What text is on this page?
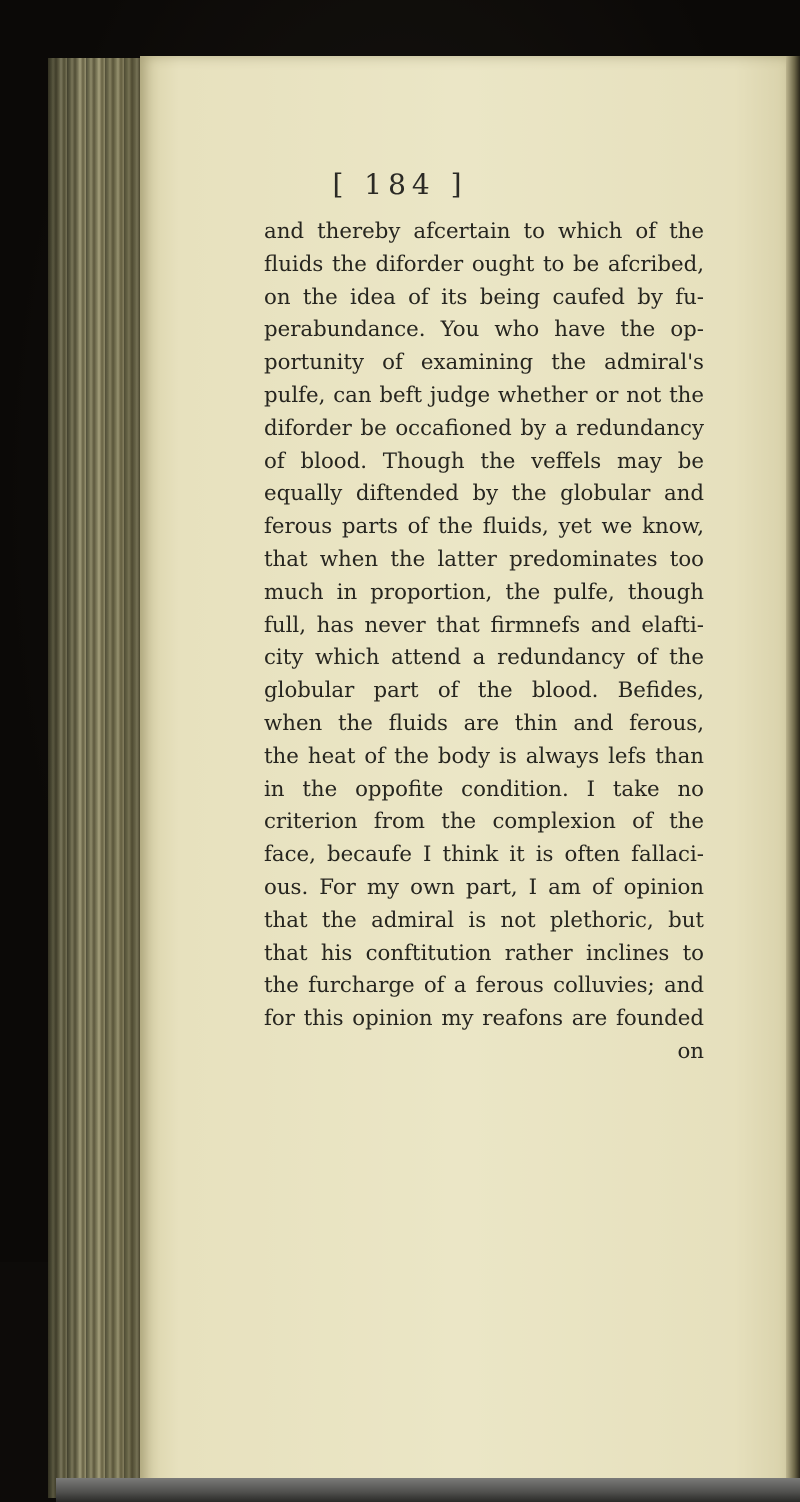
[ 184 ]
and thereby afcertain to which of the
fluids the diforder ought to be afcribed,
on the idea of its being caufed by fu-
perabundance. You who have the op-
portunity of examining the admiral's
pulfe, can beft judge whether or not the
diforder be occafioned by a redundancy
of blood. Though the veffels may be
equally diftended by the globular and
ferous parts of the fluids, yet we know,
that when the latter predominates too
much in proportion, the pulfe, though
full, has never that firmnefs and elafti-
city which attend a redundancy of the
globular part of the blood. Befides,
when the fluids are thin and ferous,
the heat of the body is always lefs than
in the oppofite condition. I take no
criterion from the complexion of the
face, becaufe I think it is often fallaci-
ous. For my own part, I am of opinion
that the admiral is not plethoric, but
that his conftitution rather inclines to
the furcharge of a ferous colluvies; and
for this opinion my reafons are founded
on
